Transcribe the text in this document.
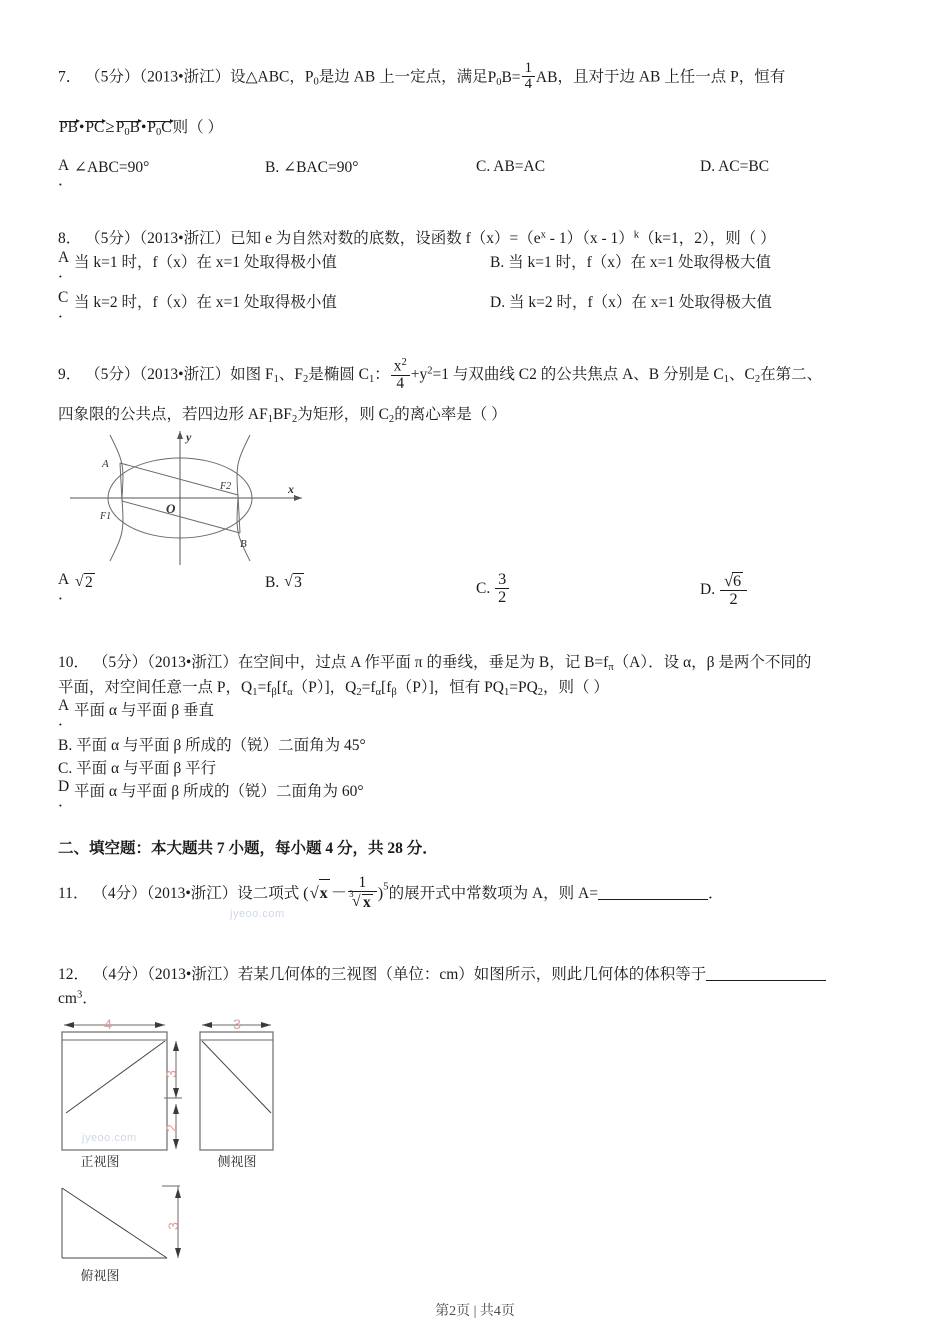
7． （5分）（2013•浙江）设△ABC，$P_0$是边 AB 上一定点，满足$P_0B= \frac{1}{4}$ AB，且对于边 AB 上任一点 P，恒有
PB•
PC≥
$P_0B•$
$P_0C$则（ ）
A
．
∠ABC=90°	B. ∠BAC=90°	C. AB=AC	D. AC=BC
8． （5分）（2013•浙江）已知 e 为自然对数的底数，设函数 $f(x)=(e^x - 1)(x - 1)^k(k=1$，2），则（ ）
A
．
当 k=1 时，f（x）在 x=1 处取得极小值	B. 当 k=1 时，f（x）在 x=1 处取得极大值
C
．
当 k=2 时，f（x）在 x=1 处取得极小值	D. 当 k=2 时，f（x）在 x=1 处取得极大值
9． （5分）（2013•浙江）如图 $F_1$、$F_2$是椭圆 $C_1$： $\frac{x^2}{4} +y^2=1$ 与双曲线 C2 的公共焦点 A、B 分别是 $C_1$、$C_2$在第二、
四象限的公共点，若四边形 $AF_1BF_2$为矩形，则 $C_2$的离心率是（ ）
A
B
F1
F2
O
y
x
A
．
√ 2	B. √ 3	C. $\frac{3}{2}$	D. $\frac{√ 6}{2}$
10． （5分）（2013•浙江）在空间中，过点 A 作平面 π 的垂线，垂足为 B，记 $B=f_\pi(A)$．设 α，β 是两个不同的
平面，对空间任意一点 P，$Q_1=f_\beta[f_\alpha(P)]$，$Q_2=f_\alpha[f_\beta(P)]$，恒有 $PQ_1=PQ_2$，则（ ）
A
．
平面 α 与平面 β 垂直
B. 平面 α 与平面 β 所成的（锐）二面角为 45°
C. 平面 α 与平面 β 平行
D
．
平面 α 与平面 β 所成的（锐）二面角为 60°
二、填空题：本大题共 7 小题，每小题 4 分，共 28 分．
11． （4分）（2013•浙江）设二项式 ( √ x － 1
3
√ x )$^5$的展开式中常数项为 A，则 A=	．
12． （4分）（2013•浙江）若某几何体的三视图（单位：cm）如图所示，则此几何体的体积等于
$cm^3$．
4
3
2
正视图
3
侧视图
3
俯视图
jyeoo.com
jyeoo.com
第2页 | 共4页
